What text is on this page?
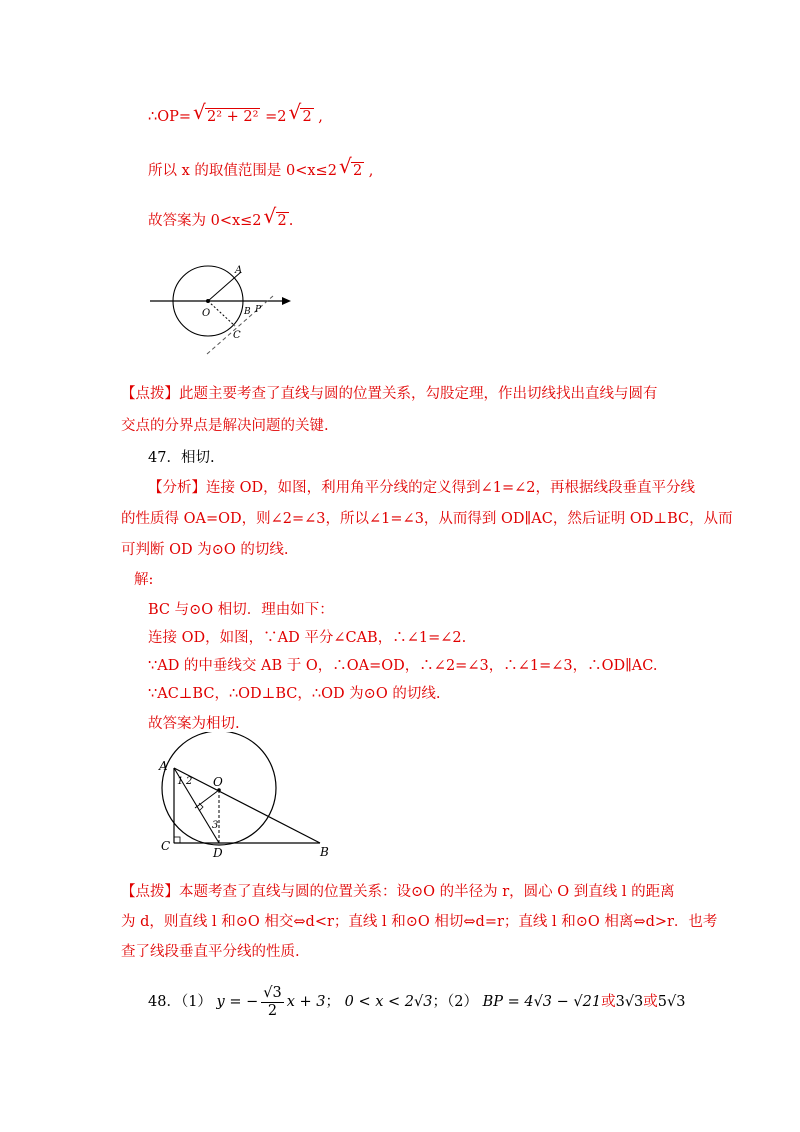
∴OP= √ 2² + 2² =2 √ 2 ,
所以 x 的取值范围是 0<x≤2 √ 2 ,
故答案为 0<x≤2 √ 2 .
A
O	B P
C
【点拨】此题主要考查了直线与圆的位置关系，勾股定理，作出切线找出直线与圆有
交点的分界点是解决问题的关键.
47．相切.
【分析】连接 OD，如图，利用角平分线的定义得到∠1=∠2，再根据线段垂直平分线
的性质得 OA=OD，则∠2=∠3，所以∠1=∠3，从而得到 OD∥AC，然后证明 OD⊥BC，从而
可判断 OD 为⊙O 的切线.
解:
BC 与⊙O 相切．理由如下：
连接 OD，如图，∵AD 平分∠CAB，∴∠1=∠2.
∵AD 的中垂线交 AB 于 O，∴OA=OD，∴∠2=∠3，∴∠1=∠3，∴OD∥AC.
∵AC⊥BC，∴OD⊥BC，∴OD 为⊙O 的切线.
故答案为相切.
A
O
C	D	B
1 2
3
【点拨】本题考查了直线与圆的位置关系：设⊙O 的半径为 r，圆心 O 到直线 l 的距离
为 d，则直线 l 和⊙O 相交⇔d<r；直线 l 和⊙O 相切⇔d=r；直线 l 和⊙O 相离⇔d>r．也考
查了线段垂直平分线的性质.
48．（1） y = − $\frac{√3}{2}$ x + 3； 0 < x < 2√3；（2） BP = 4√3 − √21或3√3或5√3
